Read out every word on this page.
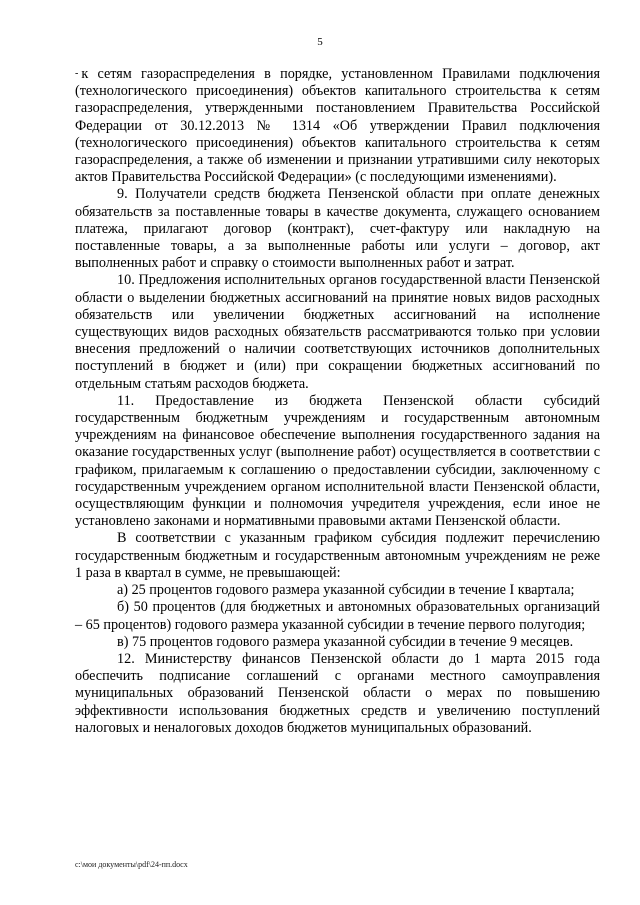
5

- к сетям газораспределения в порядке, установленном Правилами подключения (технологического присоединения) объектов капитального строительства к сетям газораспределения, утвержденными постановлением Правительства Российской Федерации от 30.12.2013 № 1314 «Об утверждении Правил подключения (технологического присоединения) объектов капитального строительства к сетям газораспределения, а также об изменении и признании утратившими силу некоторых актов Правительства Российской Федерации» (с последующими изменениями).

9. Получатели средств бюджета Пензенской области при оплате денежных обязательств за поставленные товары в качестве документа, служащего основанием платежа, прилагают договор (контракт), счет-фактуру или накладную на поставленные товары, а за выполненные работы или услуги – договор, акт выполненных работ и справку о стоимости выполненных работ и затрат.

10. Предложения исполнительных органов государственной власти Пензенской области о выделении бюджетных ассигнований на принятие новых видов расходных обязательств или увеличении бюджетных ассигнований на исполнение существующих видов расходных обязательств рассматриваются только при условии внесения предложений о наличии соответствующих источников дополнительных поступлений в бюджет и (или) при сокращении бюджетных ассигнований по отдельным статьям расходов бюджета.

11. Предоставление из бюджета Пензенской области субсидий государственным бюджетным учреждениям и государственным автономным учреждениям на финансовое обеспечение выполнения государственного задания на оказание государственных услуг (выполнение работ) осуществляется в соответствии с графиком, прилагаемым к соглашению о предоставлении субсидии, заключенному с государственным учреждением органом исполнительной власти Пензенской области, осуществляющим функции и полномочия учредителя учреждения, если иное не установлено законами и нормативными правовыми актами Пензенской области.

В соответствии с указанным графиком субсидия подлежит перечислению государственным бюджетным и государственным автономным учреждениям не реже 1 раза в квартал в сумме, не превышающей:

а) 25 процентов годового размера указанной субсидии в течение I квартала;

б) 50 процентов (для бюджетных и автономных образовательных организаций – 65 процентов) годового размера указанной субсидии в течение первого полугодия;

в) 75 процентов годового размера указанной субсидии в течение 9 месяцев.

12. Министерству финансов Пензенской области до 1 марта 2015 года обеспечить подписание соглашений с органами местного самоуправления муниципальных образований Пензенской области о мерах по повышению эффективности использования бюджетных средств и увеличению поступлений налоговых и неналоговых доходов бюджетов муниципальных образований.

c:\мои документы\pdf\24-пп.docx
